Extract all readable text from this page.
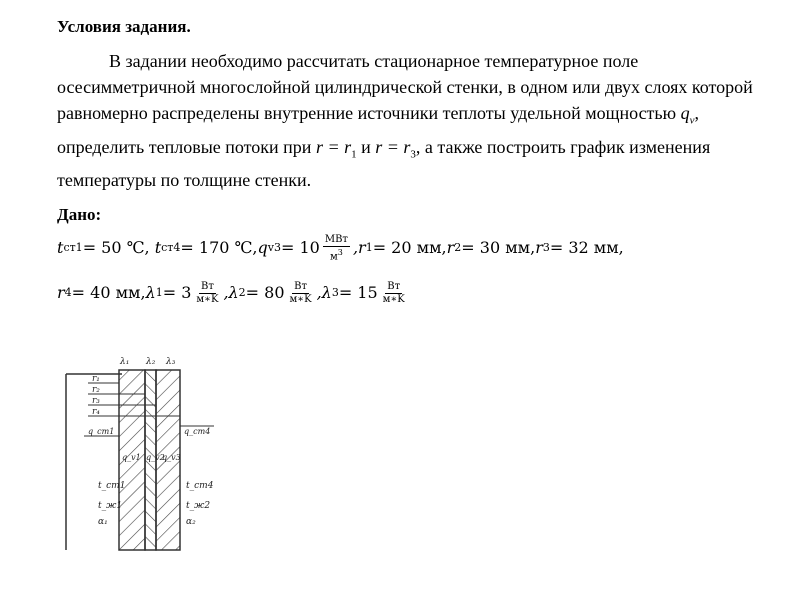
Условия задания.

В задании необходимо рассчитать стационарное температурное поле осесимметричной многослойной цилиндрической стенки, в одном или двух слоях которой равномерно распределены внутренние источники теплоты удельной мощностью $q_v$, определить тепловые потоки при $r = r_1$ и $r = r_3$, а также построить график изменения температуры по толщине стенки.

Дано:
t ст1 = 50 ℃,
t ст4 = 170 ℃, q $v3 = 10 \frac{\text{МВт}}{м^3} ,r$ 1 = 20 мм, r 2 = 30 мм, r 3 = 32 мм,
r 4 = 40 мм, λ $1 = 3 \frac{Вт}{м∗K} ,\lambda$ $2 = 80 \frac{Вт}{м∗K} ,\lambda$ $3 = 15 \frac{Вт}{м∗K}$
λ₁ λ₂ λ₃
r₁
r₂
r₃
r₄
q_ст1	q_ст4
q_v1 q_v2
q_v3
t_ст1
t_ж1
α₁
t_ст4
t_ж2
α₂
